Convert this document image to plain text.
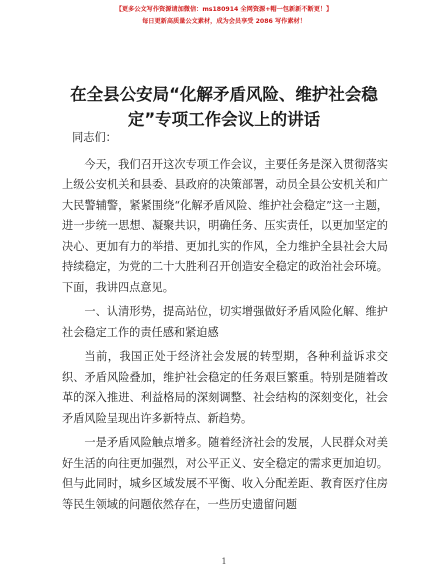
【更多公文写作资源请加微信：ms180914 全网资源+帽一包新新不断更！】
每日更新高质量公文素材，成为会员享受 2086 写作素材！
在全县公安局“化解矛盾风险、维护社会稳
定”专项工作会议上的讲话

同志们：

今天，我们召开这次专项工作会议，主要任务是深入贯彻落实上级公安机关和县委、县政府的决策部署，动员全县公安机关和广大民警辅警，紧紧围绕“化解矛盾风险、维护社会稳定”这一主题，进一步统一思想、凝聚共识，明确任务、压实责任，以更加坚定的决心、更加有力的举措、更加扎实的作风，全力维护全县社会大局持续稳定，为党的二十大胜利召开创造安全稳定的政治社会环境。下面，我讲四点意见。

一、认清形势，提高站位，切实增强做好矛盾风险化解、维护社会稳定工作的责任感和紧迫感

当前，我国正处于经济社会发展的转型期，各种利益诉求交织、矛盾风险叠加，维护社会稳定的任务艰巨繁重。特别是随着改革的深入推进、利益格局的深刻调整、社会结构的深刻变化，社会矛盾风险呈现出许多新特点、新趋势。

一是矛盾风险触点增多。随着经济社会的发展，人民群众对美好生活的向往更加强烈，对公平正义、安全稳定的需求更加迫切。但与此同时，城乡区域发展不平衡、收入分配差距、教育医疗住房等民生领域的问题依然存在，一些历史遗留问题

1
